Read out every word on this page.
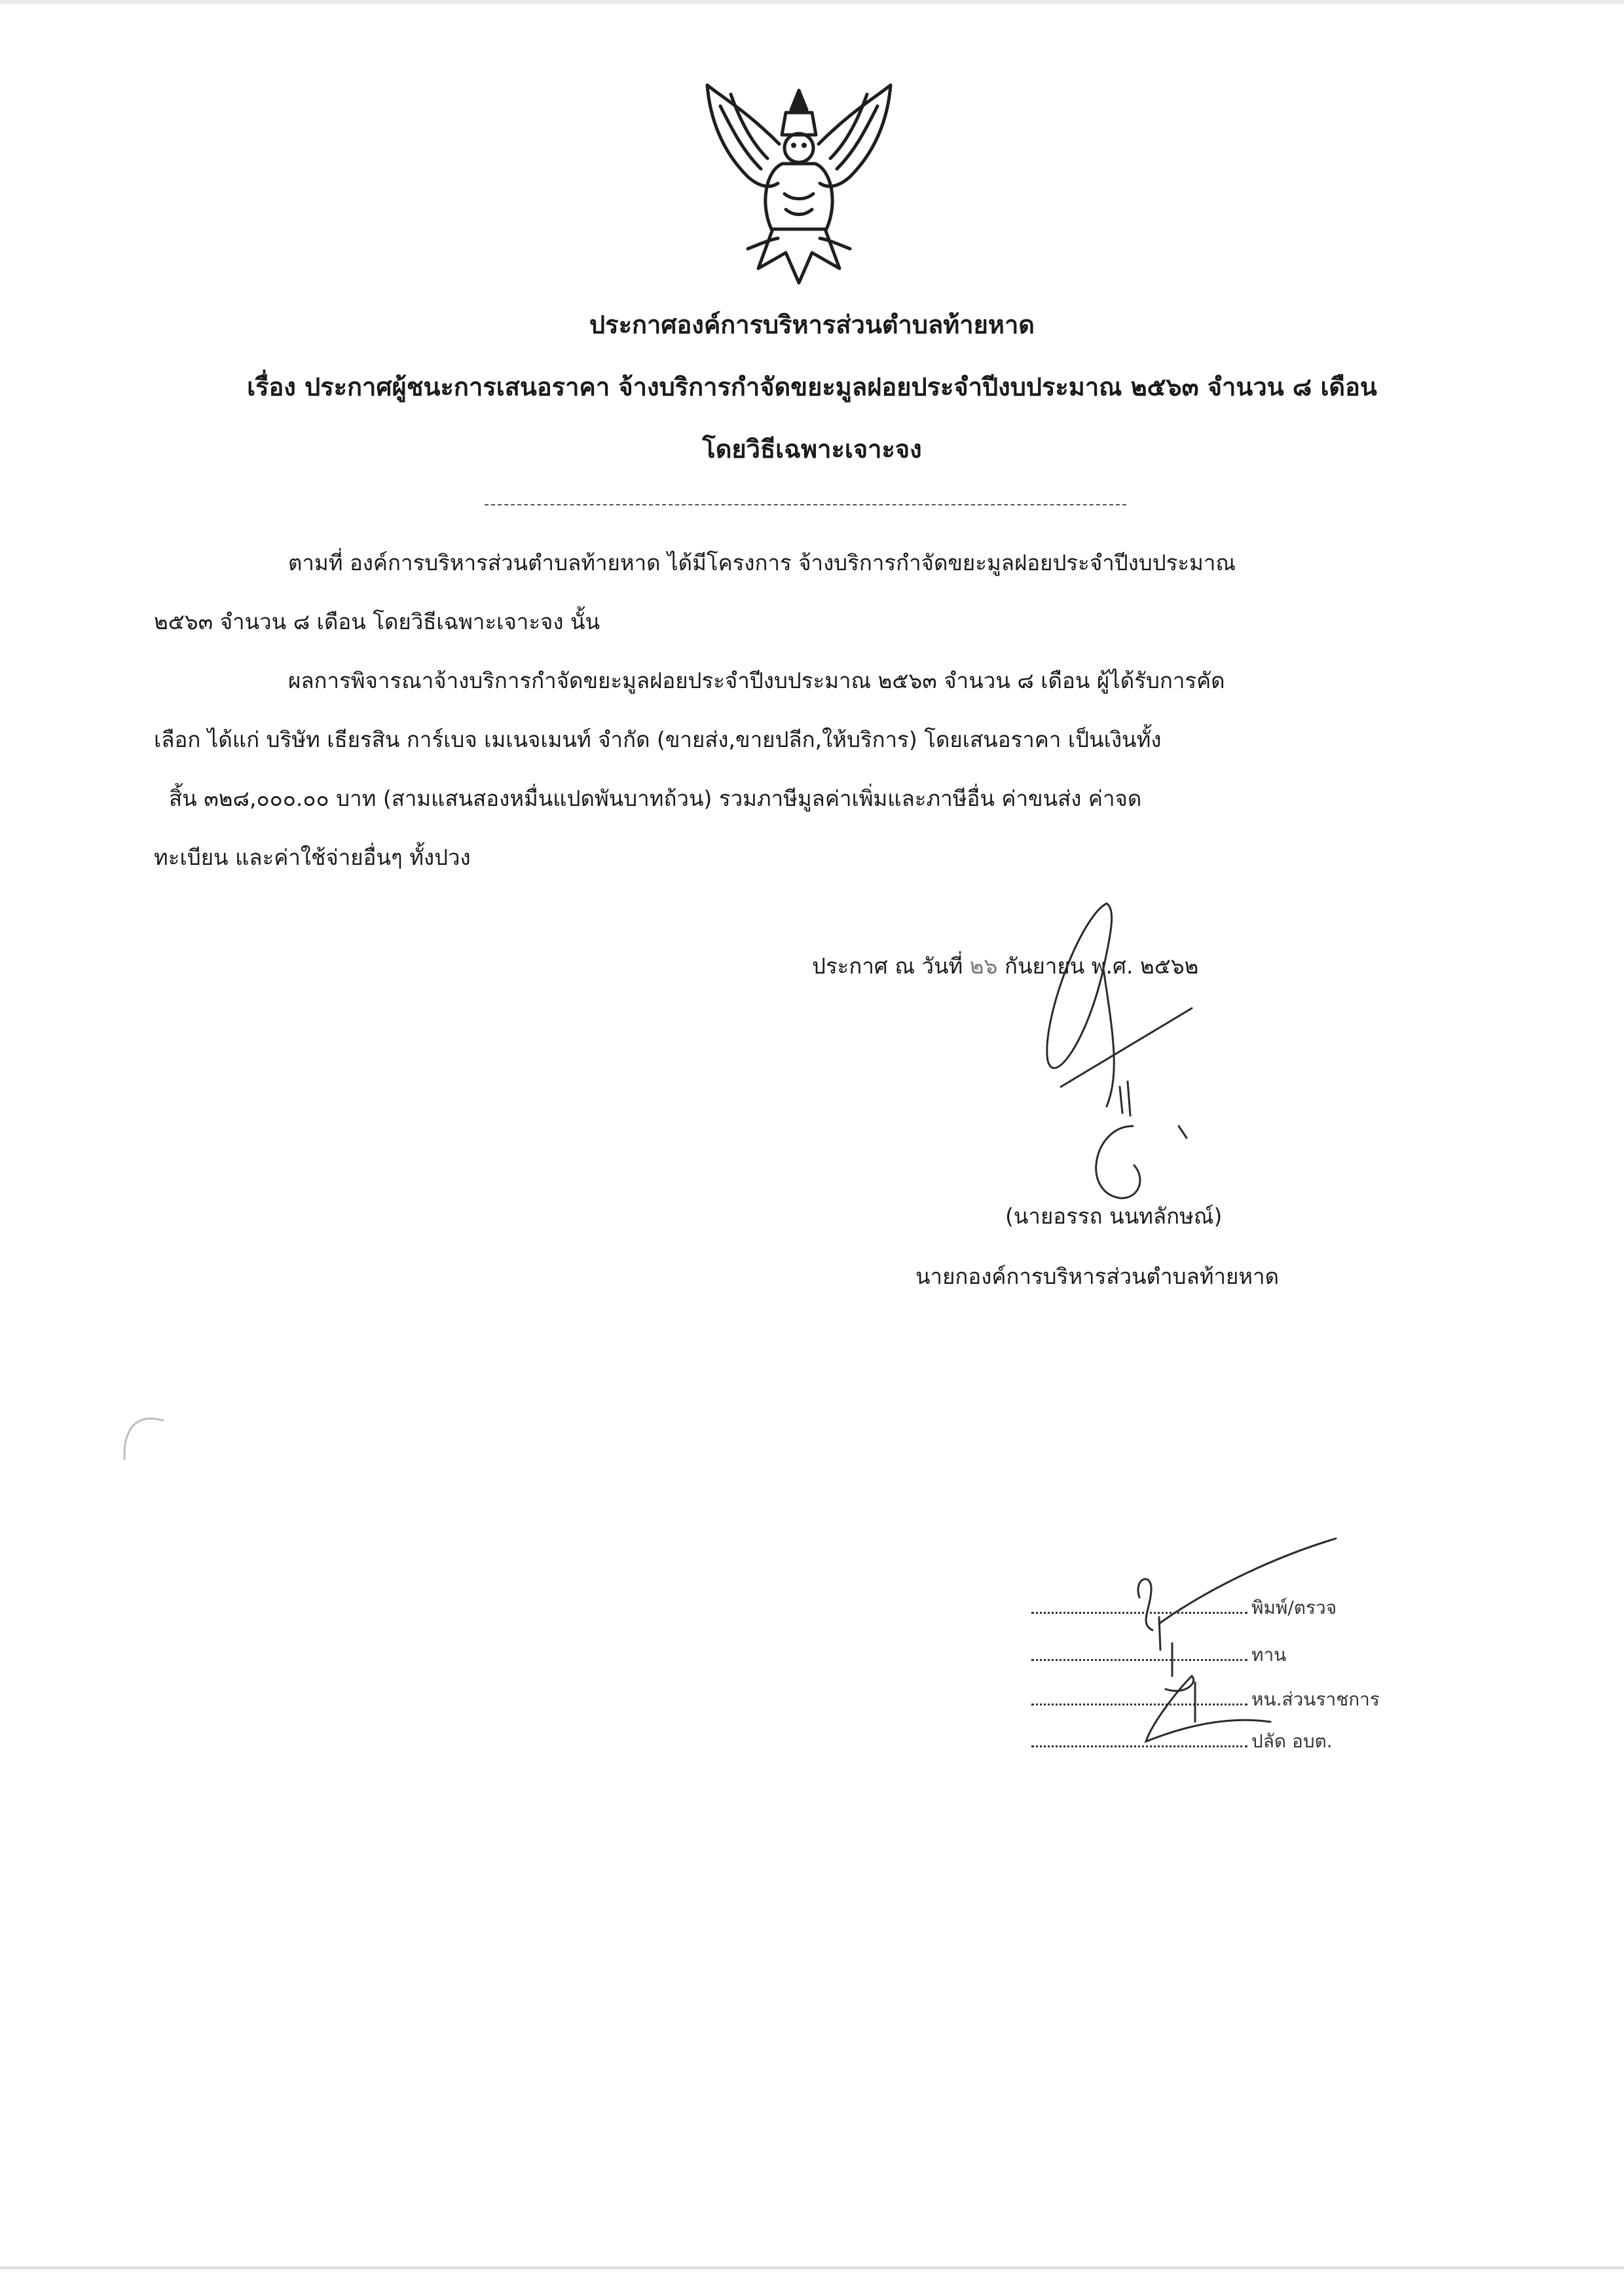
ประกาศองค์การบริหารส่วนตำบลท้ายหาด
เรื่อง ประกาศผู้ชนะการเสนอราคา จ้างบริการกำจัดขยะมูลฝอยประจำปีงบประมาณ ๒๕๖๓ จำนวน ๘ เดือน
โดยวิธีเฉพาะเจาะจง
ตามที่ องค์การบริหารส่วนตำบลท้ายหาด ได้มีโครงการ จ้างบริการกำจัดขยะมูลฝอยประจำปีงบประมาณ
๒๕๖๓ จำนวน ๘ เดือน โดยวิธีเฉพาะเจาะจง นั้น
ผลการพิจารณาจ้างบริการกำจัดขยะมูลฝอยประจำปีงบประมาณ ๒๕๖๓ จำนวน ๘ เดือน ผู้ได้รับการคัด
เลือก ได้แก่ บริษัท เธียรสิน การ์เบจ เมเนจเมนท์ จำกัด (ขายส่ง,ขายปลีก,ให้บริการ) โดยเสนอราคา เป็นเงินทั้ง
สิ้น ๓๒๘,๐๐๐.๐๐ บาท (สามแสนสองหมื่นแปดพันบาทถ้วน) รวมภาษีมูลค่าเพิ่มและภาษีอื่น ค่าขนส่ง ค่าจด
ทะเบียน และค่าใช้จ่ายอื่นๆ ทั้งปวง
ประกาศ ณ วันที่ ๒๖ กันยายน พ.ศ. ๒๕๖๒
(นายอรรถ นนทลักษณ์)
นายกองค์การบริหารส่วนตำบลท้ายหาด
พิมพ์/ตรวจ
ทาน
หน.ส่วนราชการ
ปลัด อบต.
